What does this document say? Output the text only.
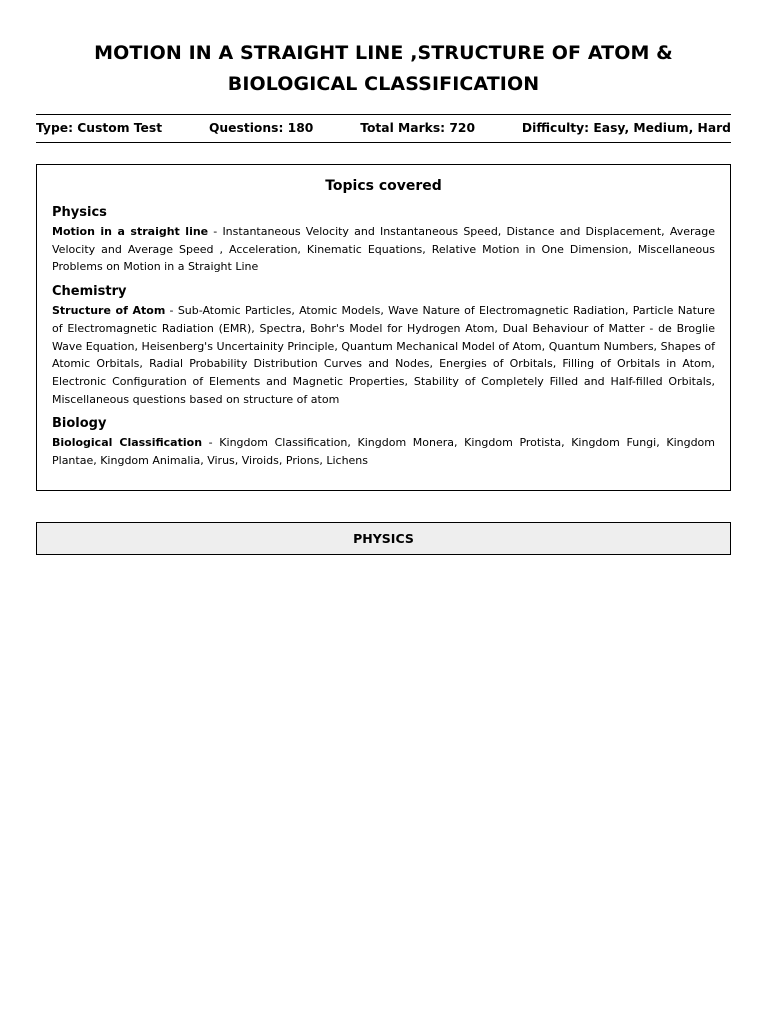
MOTION IN A STRAIGHT LINE ,STRUCTURE OF ATOM & BIOLOGICAL CLASSIFICATION
Type: Custom Test	Questions: 180	Total Marks: 720	Difficulty: Easy, Medium, Hard
Topics covered
Physics
Motion in a straight line - Instantaneous Velocity and Instantaneous Speed, Distance and Displacement, Average Velocity and Average Speed , Acceleration, Kinematic Equations, Relative Motion in One Dimension, Miscellaneous Problems on Motion in a Straight Line
Chemistry
Structure of Atom - Sub-Atomic Particles, Atomic Models, Wave Nature of Electromagnetic Radiation, Particle Nature of Electromagnetic Radiation (EMR), Spectra, Bohr's Model for Hydrogen Atom, Dual Behaviour of Matter - de Broglie Wave Equation, Heisenberg's Uncertainity Principle, Quantum Mechanical Model of Atom, Quantum Numbers, Shapes of Atomic Orbitals, Radial Probability Distribution Curves and Nodes, Energies of Orbitals, Filling of Orbitals in Atom, Electronic Configuration of Elements and Magnetic Properties, Stability of Completely Filled and Half-filled Orbitals, Miscellaneous questions based on structure of atom
Biology
Biological Classification - Kingdom Classification, Kingdom Monera, Kingdom Protista, Kingdom Fungi, Kingdom Plantae, Kingdom Animalia, Virus, Viroids, Prions, Lichens
PHYSICS
